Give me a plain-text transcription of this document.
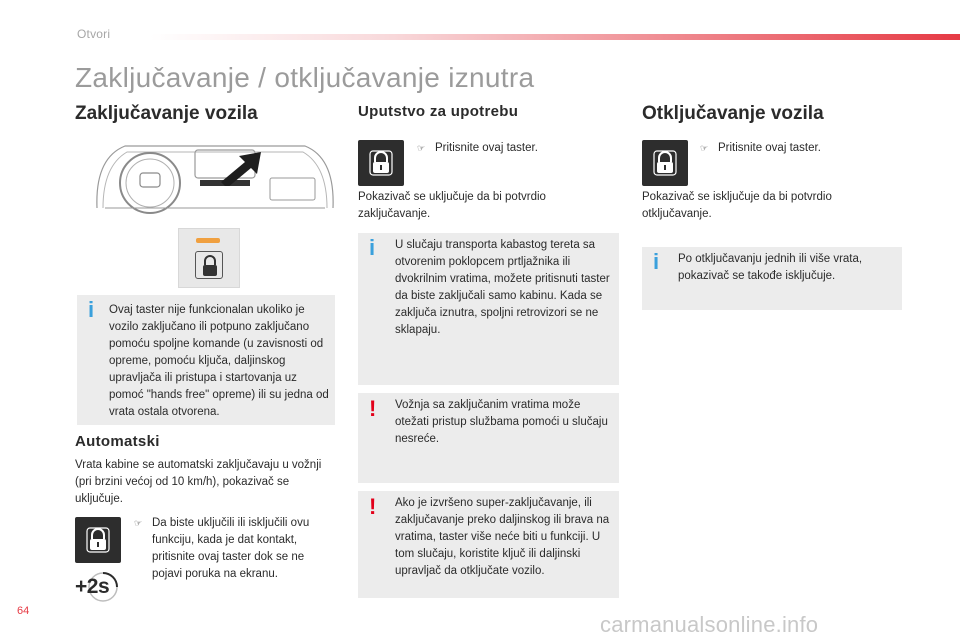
Otvori
Zaključavanje / otključavanje iznutra
Zaključavanje vozila
i Ovaj taster nije funkcionalan ukoliko je vozilo zaključano ili potpuno zaključano pomoću spoljne komande (u zavisnosti od opreme, pomoću ključa, daljinskog upravljača ili pristupa i startovanja uz pomoć "hands free" opreme) ili su jedna od vrata ostala otvorena.

Automatski

Vrata kabine se automatski zaključavaju u vožnji (pri brzini većoj od 10 km/h), pokazivač se uključuje.

☞ Da biste uključili ili isključili ovu funkciju, kada je dat kontakt, pritisnite ovaj taster dok se ne pojavi poruka na ekranu.

+2s
Uputstvo za upotrebu
☞ Pritisnite ovaj taster.

Pokazivač se uključuje da bi potvrdio zaključavanje.

i U slučaju transporta kabastog tereta sa otvorenim poklopcem prtljažnika ili dvokrilnim vratima, možete pritisnuti taster da biste zaključali samo kabinu. Kada se zaključa iznutra, spoljni retrovizori se ne sklapaju.

! Vožnja sa zaključanim vratima može otežati pristup službama pomoći u slučaju nesreće.

! Ako je izvršeno super-zaključavanje, ili zaključavanje preko daljinskog ili brava na vratima, taster više neće biti u funkciji. U tom slučaju, koristite ključ ili daljinski upravljač da otključate vozilo.

Otključavanje vozila
☞ Pritisnite ovaj taster.

Pokazivač se isključuje da bi potvrdio otključavanje.

i Po otključavanju jednih ili više vrata, pokazivač se takođe isključuje.

64
carmanualsonline.info
